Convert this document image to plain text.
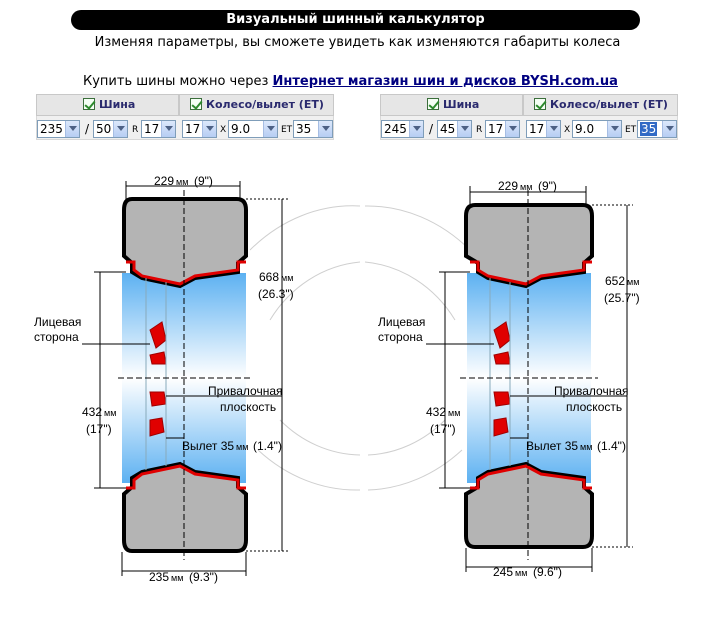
Визуальный шинный калькулятор
Изменяя параметры, вы сможете увидеть как изменяются габариты колеса
Купить шины можно через Интернет магазин шин и дисков BYSH.com.ua
Шина	Колесо/вылет (ET)
235	/ 50	R 17	17	X 9.0	ET 35
Шина	Колесо/вылет (ET)
245	/ 45	R 17	17	X 9.0	ET 35
229 мм (9")
668 мм
(26.3")
432 мм
(17")
Вылет 35 мм (1.4")
235 мм (9.3")
Лицевая
сторона
Привалочная
плоскость
229 мм (9")
652 мм
(25.7")
432 мм
(17")
Вылет 35 мм (1.4")
245 мм (9.6")
Лицевая
сторона
Привалочная
плоскость
